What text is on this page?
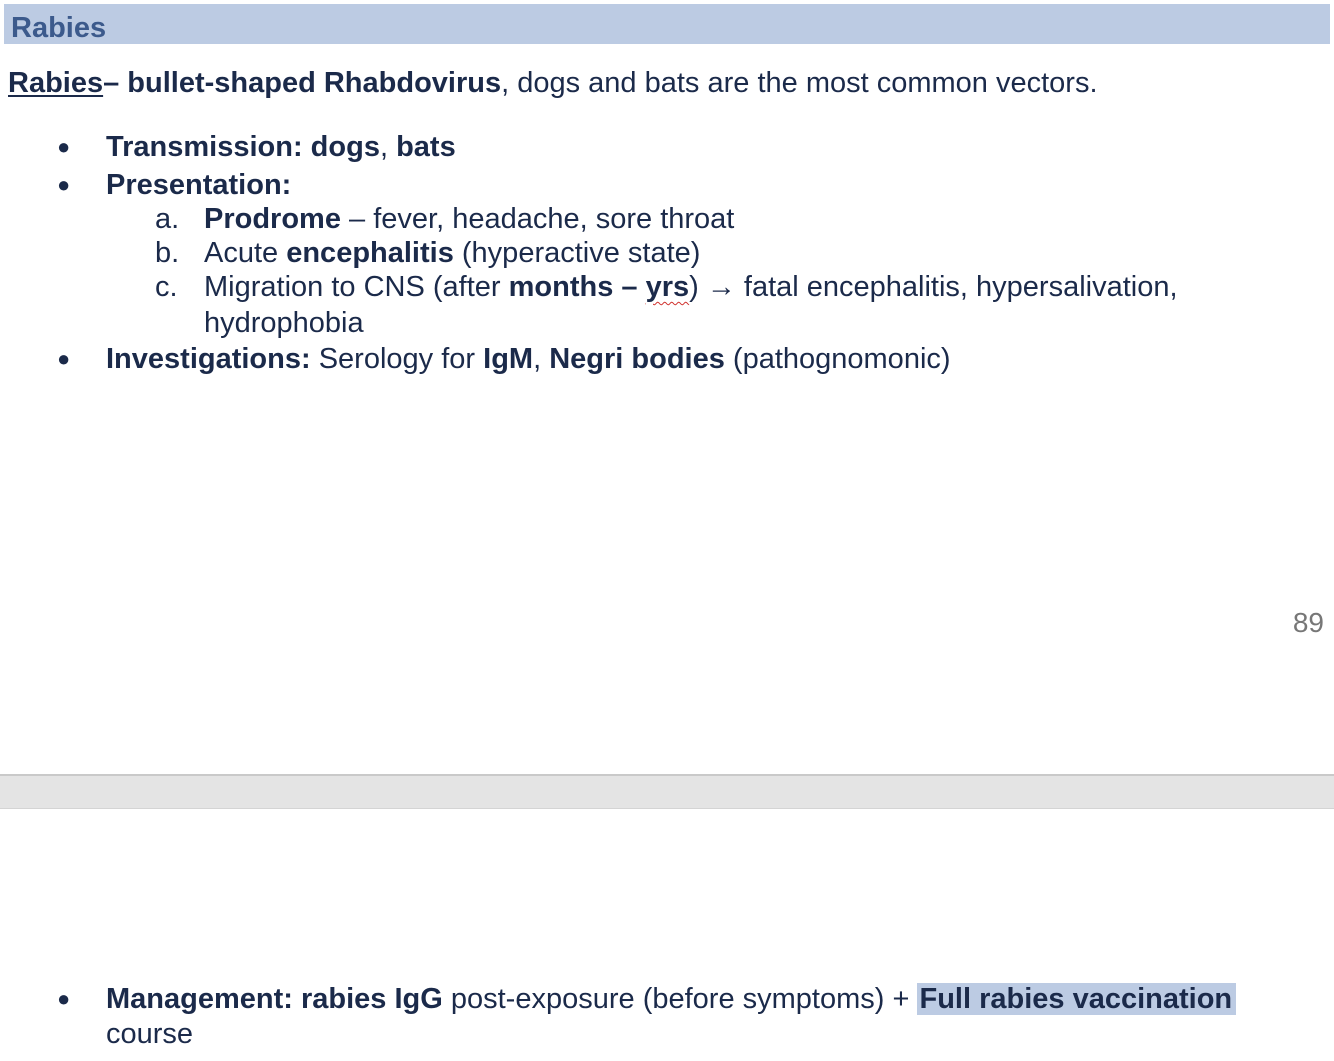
Rabies
Rabies– bullet-shaped Rhabdovirus, dogs and bats are the most common vectors.
● Transmission: dogs, bats
● Presentation:
a. Prodrome – fever, headache, sore throat
b. Acute encephalitis (hyperactive state)
c. Migration to CNS (after months – yrs) → fatal encephalitis, hypersalivation,
hydrophobia
● Investigations: Serology for IgM, Negri bodies (pathognomonic)
89
● Management: rabies IgG post-exposure (before symptoms) + Full rabies vaccination
course
